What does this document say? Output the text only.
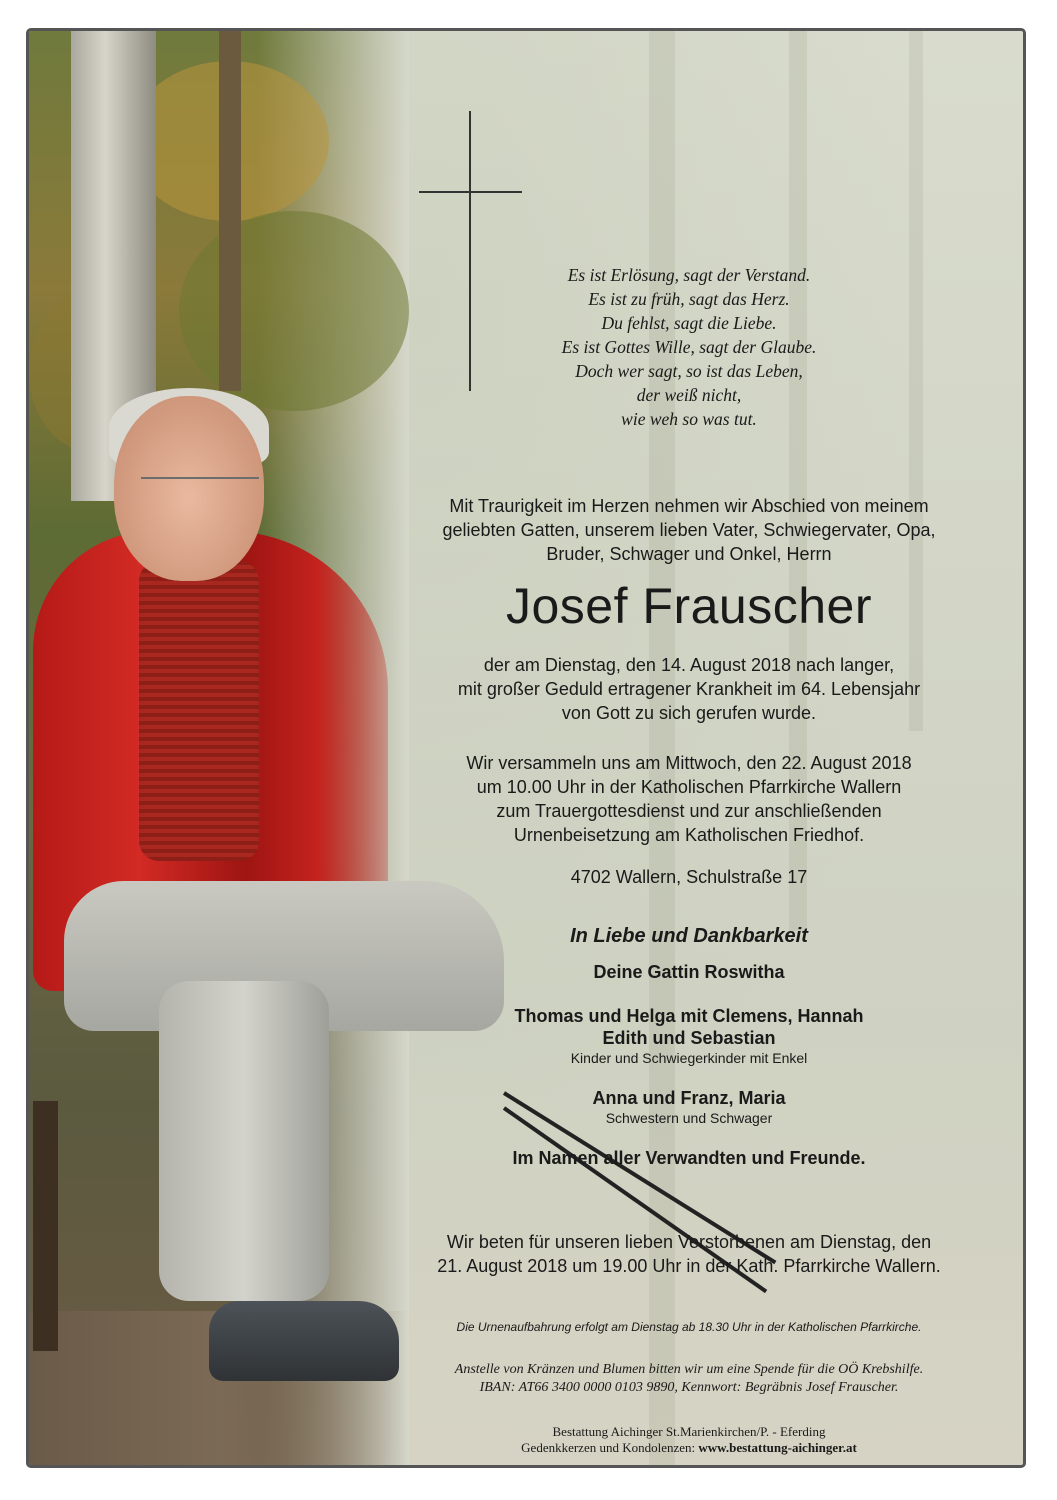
Es ist Erlösung, sagt der Verstand.
Es ist zu früh, sagt das Herz.
Du fehlst, sagt die Liebe.
Es ist Gottes Wille, sagt der Glaube.
Doch wer sagt, so ist das Leben,
der weiß nicht,
wie weh so was tut.
Mit Traurigkeit im Herzen nehmen wir Abschied von meinem
geliebten Gatten, unserem lieben Vater, Schwiegervater, Opa,
Bruder, Schwager und Onkel, Herrn
Josef Frauscher
der am Dienstag, den 14. August 2018 nach langer,
mit großer Geduld ertragener Krankheit im 64. Lebensjahr
von Gott zu sich gerufen wurde.
Wir versammeln uns am Mittwoch, den 22. August 2018
um 10.00 Uhr in der Katholischen Pfarrkirche Wallern
zum Trauergottesdienst und zur anschließenden
Urnenbeisetzung am Katholischen Friedhof.
4702 Wallern, Schulstraße 17
In Liebe und Dankbarkeit
Deine Gattin Roswitha
Thomas und Helga mit Clemens, Hannah
Edith und Sebastian
Kinder und Schwiegerkinder mit Enkel
Anna und Franz, Maria
Schwestern und Schwager
Im Namen aller Verwandten und Freunde.
Wir beten für unseren lieben Verstorbenen am Dienstag, den
21. August 2018 um 19.00 Uhr in der Kath. Pfarrkirche Wallern.
Die Urnenaufbahrung erfolgt am Dienstag ab 18.30 Uhr in der Katholischen Pfarrkirche.
Anstelle von Kränzen und Blumen bitten wir um eine Spende für die OÖ Krebshilfe.
IBAN: AT66 3400 0000 0103 9890, Kennwort: Begräbnis Josef Frauscher.
Bestattung Aichinger St.Marienkirchen/P. - Eferding
Gedenkkerzen und Kondolenzen: www.bestattung-aichinger.at
